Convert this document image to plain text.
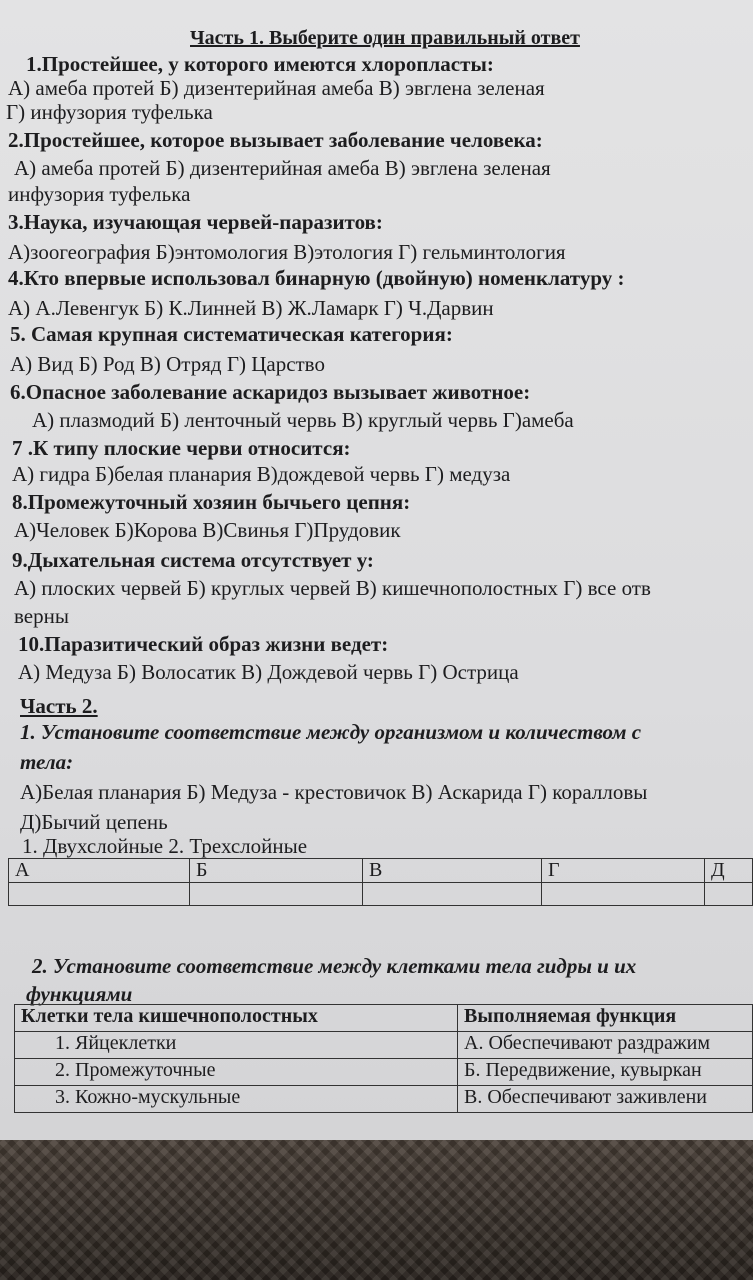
Часть 1. Выберите один правильный ответ
1.Простейшее, у которого имеются хлоропласты:
А) амеба протей Б) дизентерийная амеба В) эвглена зеленая
Г) инфузория туфелька
2.Простейшее, которое вызывает заболевание человека:
А) амеба протей Б) дизентерийная амеба В) эвглена зеленая
инфузория туфелька
3.Наука, изучающая червей-паразитов:
А)зоогеография Б)энтомология В)этология Г) гельминтология
4.Кто впервые использовал бинарную (двойную) номенклатуру :
А) А.Левенгук Б) К.Линней В) Ж.Ламарк Г) Ч.Дарвин
5. Самая крупная систематическая категория:
А) Вид Б) Род В) Отряд Г) Царство
6.Опасное заболевание аскаридоз вызывает животное:
А) плазмодий Б) ленточный червь В) круглый червь Г)амеба
7 .К типу плоские черви относится:
А) гидра Б)белая планария В)дождевой червь Г) медуза
8.Промежуточный хозяин бычьего цепня:
А)Человек Б)Корова В)Свинья Г)Прудовик
9.Дыхательная система отсутствует у:
А) плоских червей Б) круглых червей В) кишечнополостных Г) все отв
верны
10.Паразитический образ жизни ведет:
А) Медуза Б) Волосатик В) Дождевой червь Г) Острица
Часть 2.
1. Установите соответствие между организмом и количеством с
тела:
А)Белая планария Б) Медуза - крестовичок В) Аскарида Г) коралловы
Д)Бычий цепень
1. Двухслойные 2. Трехслойные
А	Б	В	Г	Д

2. Установите соответствие между клетками тела гидры и их
функциями
Клетки тела кишечнополостных	Выполняемая функция
1. Яйцеклетки	А. Обеспечивают раздражим
2. Промежуточные	Б. Передвижение, кувыркан
3. Кожно-мускульные	В. Обеспечивают заживлени
